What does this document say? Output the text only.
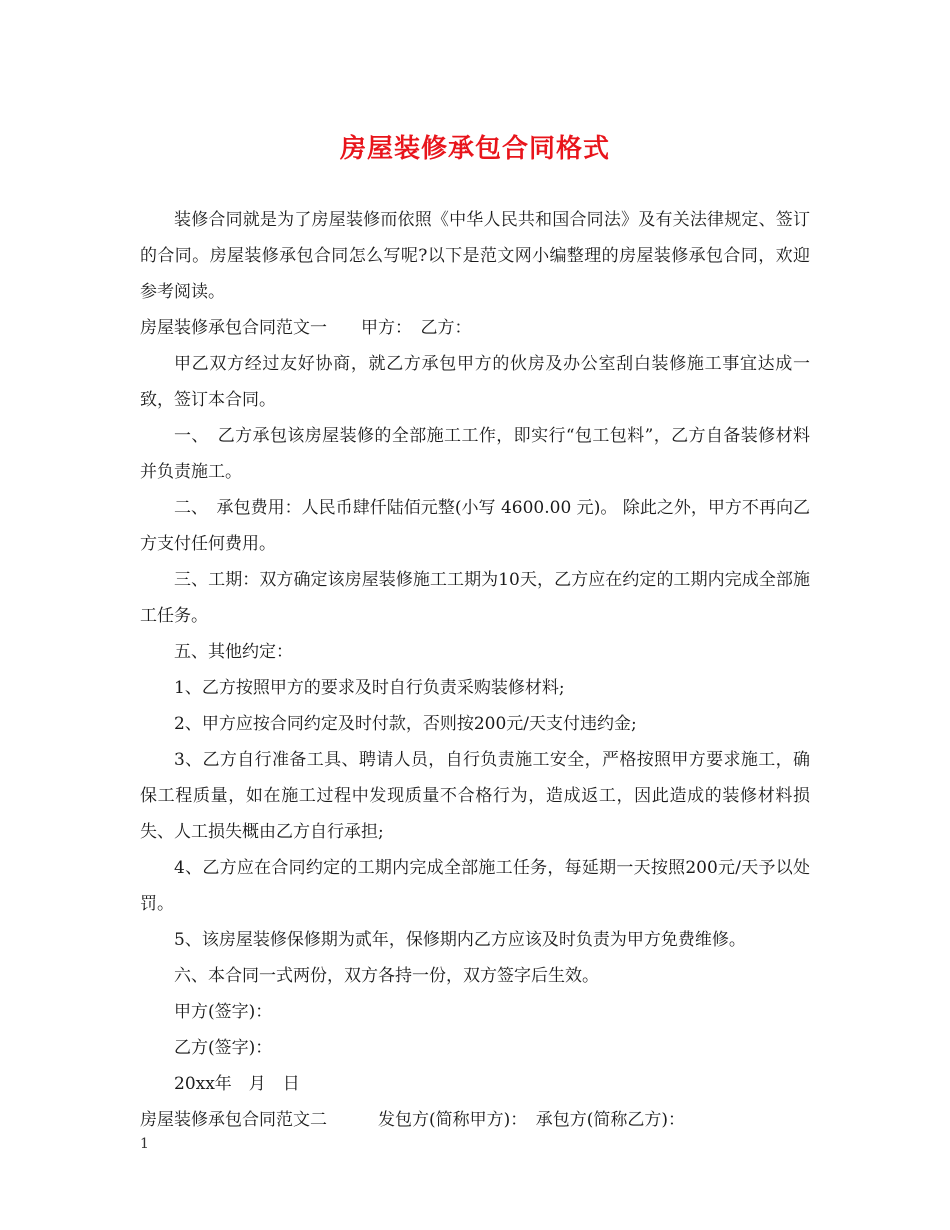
房屋装修承包合同格式

装修合同就是为了房屋装修而依照《中华人民共和国合同法》及有关法律规定、签订的合同。房屋装修承包合同怎么写呢?以下是范文网小编整理的房屋装修承包合同，欢迎参考阅读。

房屋装修承包合同范文一　　甲方：　乙方：

甲乙双方经过友好协商，就乙方承包甲方的伙房及办公室刮白装修施工事宜达成一致，签订本合同。

一、　乙方承包该房屋装修的全部施工工作，即实行“包工包料”，乙方自备装修材料并负责施工。

二、　承包费用：人民币肆仟陆佰元整(小写 4600.00 元)。 除此之外，甲方不再向乙方支付任何费用。

三、工期：双方确定该房屋装修施工工期为10天，乙方应在约定的工期内完成全部施工任务。

五、其他约定：

1、乙方按照甲方的要求及时自行负责采购装修材料;

2、甲方应按合同约定及时付款，否则按200元/天支付违约金;

3、乙方自行准备工具、聘请人员，自行负责施工安全，严格按照甲方要求施工，确保工程质量，如在施工过程中发现质量不合格行为，造成返工，因此造成的装修材料损失、人工损失概由乙方自行承担;

4、乙方应在合同约定的工期内完成全部施工任务，每延期一天按照200元/天予以处罚。

5、该房屋装修保修期为贰年，保修期内乙方应该及时负责为甲方免费维修。

六、本合同一式两份，双方各持一份，双方签字后生效。

甲方(签字)：

乙方(签字)：

20xx年　月　日

房屋装修承包合同范文二　　　发包方(简称甲方)：　承包方(简称乙方)：

1
